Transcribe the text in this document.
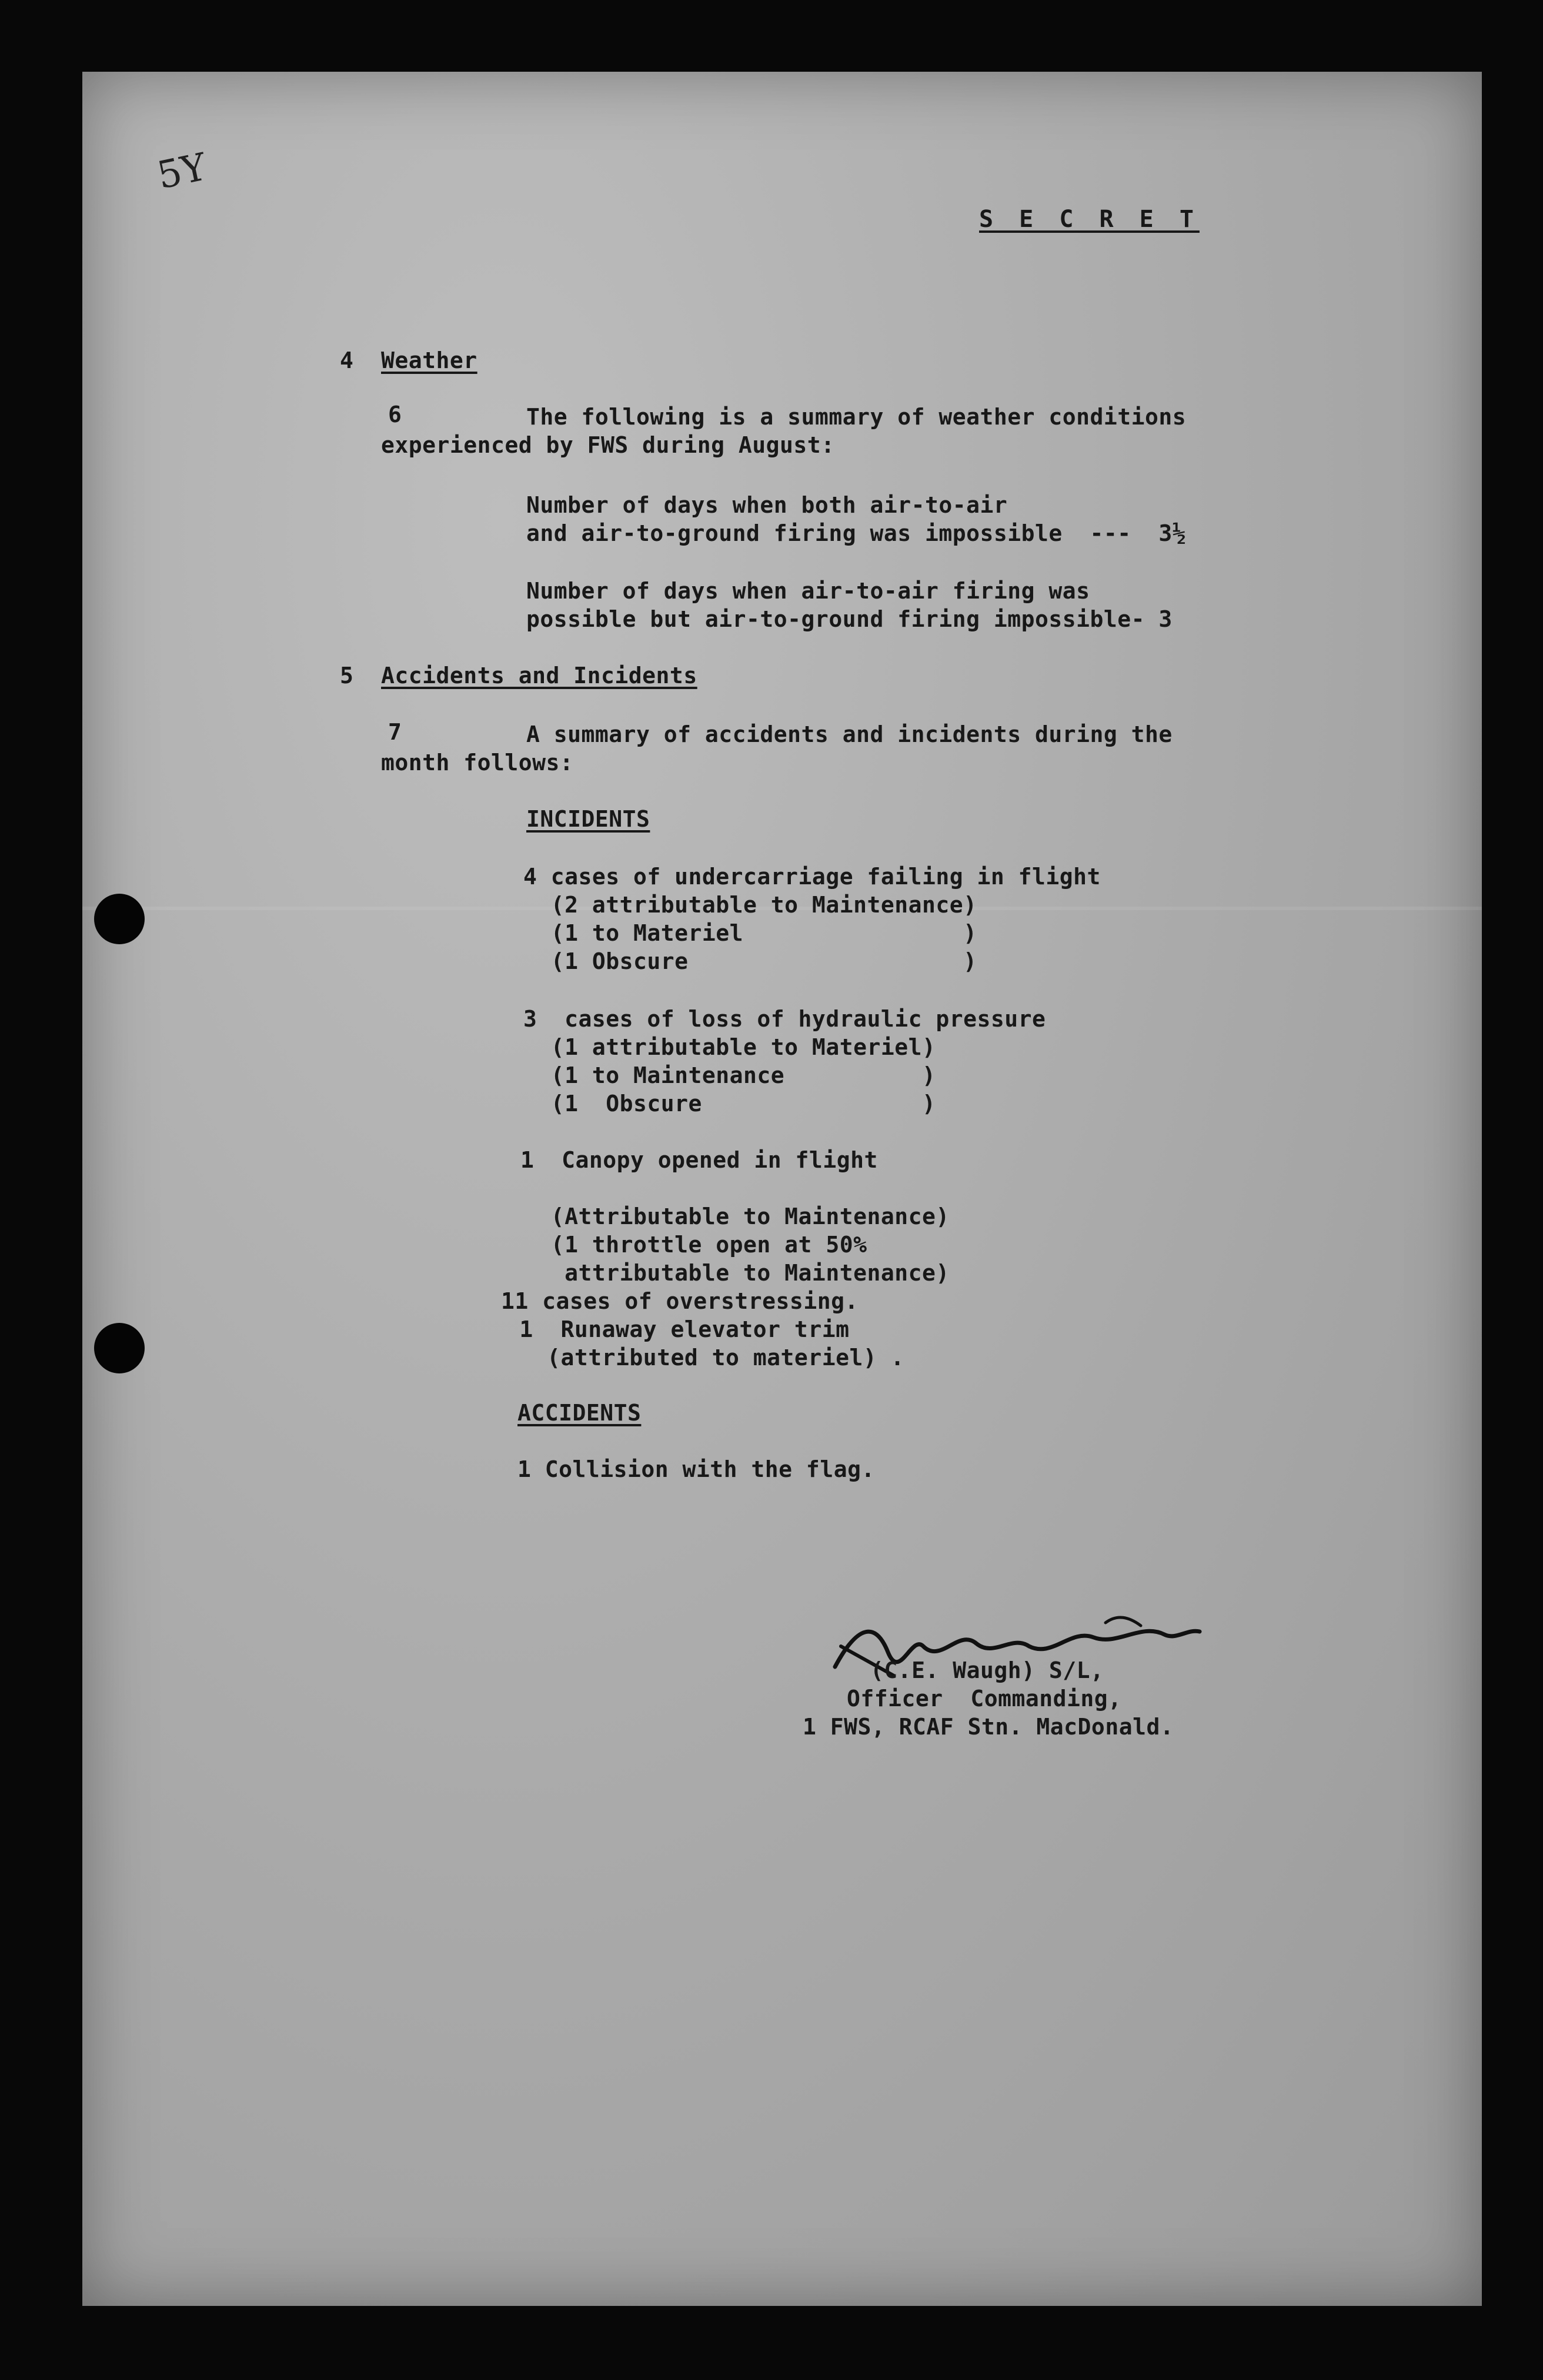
5Y
S E C R E T
4 Weather
6	The following is a summary of weather conditions
experienced by FWS during August:
Number of days when both air-to-air
and air-to-ground firing was impossible  ---  3½
Number of days when air-to-air firing was
possible but air-to-ground firing impossible- 3
5 Accidents and Incidents
7	A summary of accidents and incidents during the
month follows:
INCIDENTS
4 cases of undercarriage failing in flight
(2 attributable to Maintenance)
(1 to Materiel                )
(1 Obscure                    )
3  cases of loss of hydraulic pressure
(1 attributable to Materiel)
(1 to Maintenance          )
(1  Obscure                )
1  Canopy opened in flight
(Attributable to Maintenance)
(1 throttle open at 50%
attributable to Maintenance)
11 cases of overstressing.
1  Runaway elevator trim
(attributed to materiel) .
ACCIDENTS
1 Collision with the flag.
(C.E. Waugh) S/L,
Officer  Commanding,
1 FWS, RCAF Stn. MacDonald.
